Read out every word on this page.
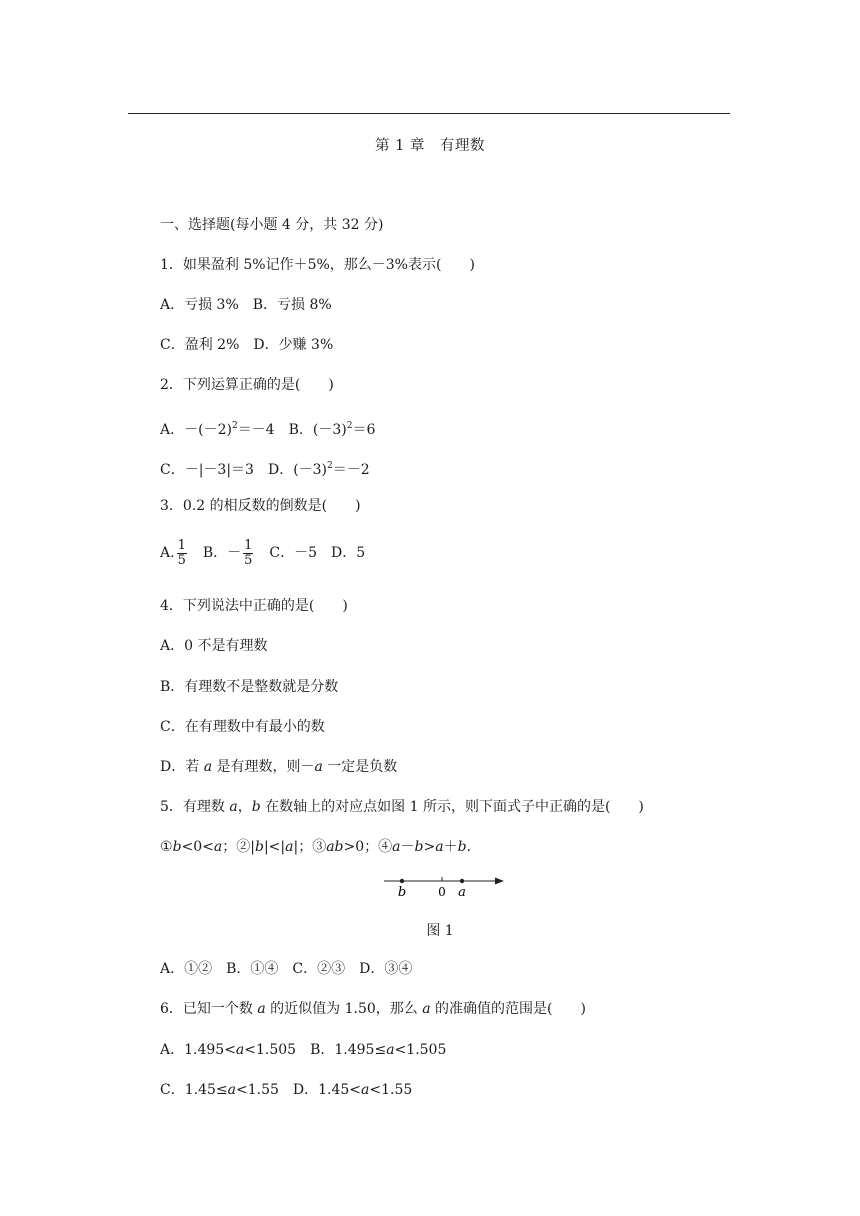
第 1 章　有理数
一、选择题(每小题 4 分，共 32 分)
1．如果盈利 5%记作＋5%，那么－3%表示(　　)
A．亏损 3%　B．亏损 8%
C．盈利 2%　D．少赚 3%
2．下列运算正确的是(　　)
A．$-(-2)^2=-4$　 B．$(-3)^2=6$
C．－|－3|＝3　 D．$(-3)^2=-2$
3．0.2 的相反数的倒数是(　　)
A. $\frac{1}{5}$
　 B．－ $\frac{1}{5}$
　 C．－5　D．5
4．下列说法中正确的是(　　)
A．0 不是有理数
B．有理数不是整数就是分数
C．在有理数中有最小的数
D．若 a 是有理数，则－a 一定是负数
5．有理数 a，b 在数轴上的对应点如图 1 所示，则下面式子中正确的是(　　)
①b<0<a；②|b|<|a|；③ab>0；④a－b>a＋b.
b	0 a
图 1
A．①②　B．①④　C．②③　D．③④
6．已知一个数 a 的近似值为 1.50，那么 a 的准确值的范围是(　　)
A．1.495<a<1.505　B．1.495≤a<1.505
C．1.45≤a<1.55　D．1.45<a<1.55
